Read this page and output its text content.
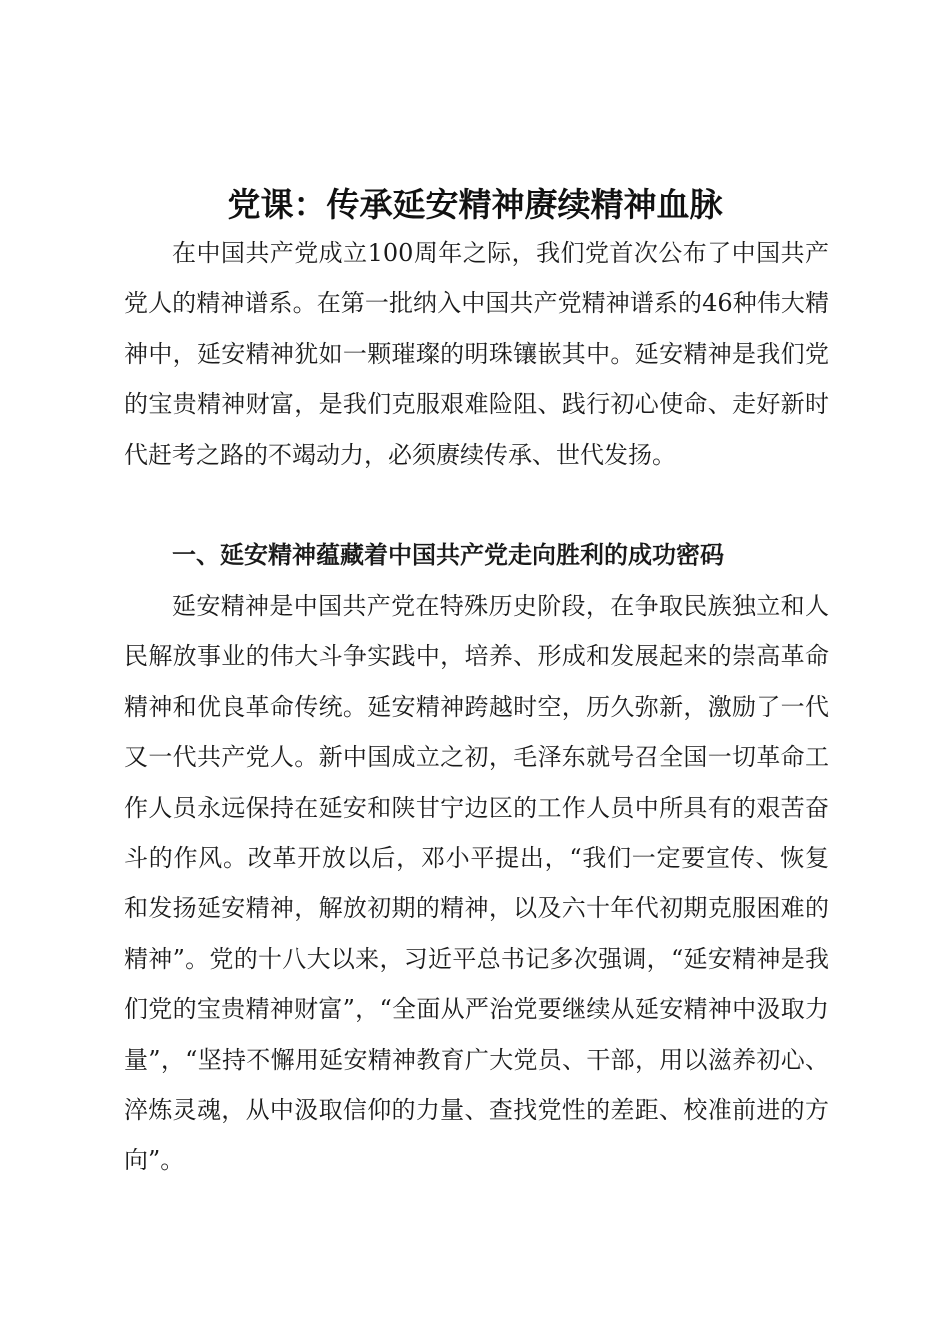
党课：传承延安精神赓续精神血脉

在中国共产党成立100周年之际，我们党首次公布了中国共产党人的精神谱系。在第一批纳入中国共产党精神谱系的46种伟大精神中，延安精神犹如一颗璀璨的明珠镶嵌其中。延安精神是我们党的宝贵精神财富，是我们克服艰难险阻、践行初心使命、走好新时代赶考之路的不竭动力，必须赓续传承、世代发扬。

一、延安精神蕴藏着中国共产党走向胜利的成功密码

延安精神是中国共产党在特殊历史阶段，在争取民族独立和人民解放事业的伟大斗争实践中，培养、形成和发展起来的崇高革命精神和优良革命传统。延安精神跨越时空，历久弥新，激励了一代又一代共产党人。新中国成立之初，毛泽东就号召全国一切革命工作人员永远保持在延安和陕甘宁边区的工作人员中所具有的艰苦奋斗的作风。改革开放以后，邓小平提出，“我们一定要宣传、恢复和发扬延安精神，解放初期的精神，以及六十年代初期克服困难的精神”。党的十八大以来，习近平总书记多次强调，“延安精神是我们党的宝贵精神财富”，“全面从严治党要继续从延安精神中汲取力量”，“坚持不懈用延安精神教育广大党员、干部，用以滋养初心、淬炼灵魂，从中汲取信仰的力量、查找党性的差距、校准前进的方向”。
